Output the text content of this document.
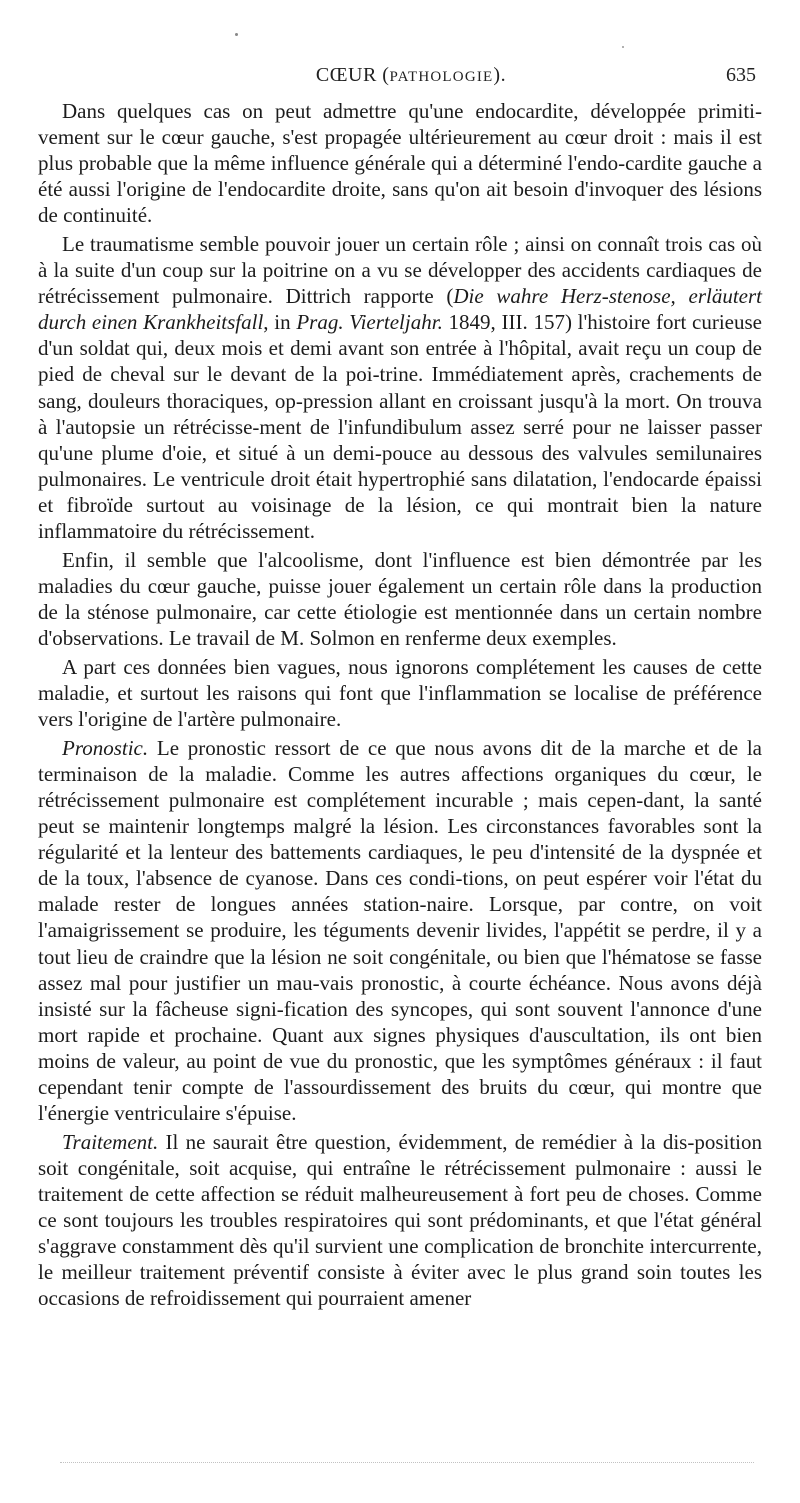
CŒUR (PATHOLOGIE).	635

Dans quelques cas on peut admettre qu'une endocardite, développée primiti-vement sur le cœur gauche, s'est propagée ultérieurement au cœur droit : mais il est plus probable que la même influence générale qui a déterminé l'endo-cardite gauche a été aussi l'origine de l'endocardite droite, sans qu'on ait besoin d'invoquer des lésions de continuité.

Le traumatisme semble pouvoir jouer un certain rôle ; ainsi on connaît trois cas où à la suite d'un coup sur la poitrine on a vu se développer des accidents cardiaques de rétrécissement pulmonaire. Dittrich rapporte (Die wahre Herz-stenose, erläutert durch einen Krankheitsfall, in Prag. Vierteljahr. 1849, III. 157) l'histoire fort curieuse d'un soldat qui, deux mois et demi avant son entrée à l'hôpital, avait reçu un coup de pied de cheval sur le devant de la poi-trine. Immédiatement après, crachements de sang, douleurs thoraciques, op-pression allant en croissant jusqu'à la mort. On trouva à l'autopsie un rétrécisse-ment de l'infundibulum assez serré pour ne laisser passer qu'une plume d'oie, et situé à un demi-pouce au dessous des valvules semilunaires pulmonaires. Le ventricule droit était hypertrophié sans dilatation, l'endocarde épaissi et fibroïde surtout au voisinage de la lésion, ce qui montrait bien la nature inflammatoire du rétrécissement.

Enfin, il semble que l'alcoolisme, dont l'influence est bien démontrée par les maladies du cœur gauche, puisse jouer également un certain rôle dans la production de la sténose pulmonaire, car cette étiologie est mentionnée dans un certain nombre d'observations. Le travail de M. Solmon en renferme deux exemples.

A part ces données bien vagues, nous ignorons complétement les causes de cette maladie, et surtout les raisons qui font que l'inflammation se localise de préférence vers l'origine de l'artère pulmonaire.

Pronostic. Le pronostic ressort de ce que nous avons dit de la marche et de la terminaison de la maladie. Comme les autres affections organiques du cœur, le rétrécissement pulmonaire est complétement incurable ; mais cepen-dant, la santé peut se maintenir longtemps malgré la lésion. Les circonstances favorables sont la régularité et la lenteur des battements cardiaques, le peu d'intensité de la dyspnée et de la toux, l'absence de cyanose. Dans ces condi-tions, on peut espérer voir l'état du malade rester de longues années station-naire. Lorsque, par contre, on voit l'amaigrissement se produire, les téguments devenir livides, l'appétit se perdre, il y a tout lieu de craindre que la lésion ne soit congénitale, ou bien que l'hématose se fasse assez mal pour justifier un mau-vais pronostic, à courte échéance. Nous avons déjà insisté sur la fâcheuse signi-fication des syncopes, qui sont souvent l'annonce d'une mort rapide et prochaine. Quant aux signes physiques d'auscultation, ils ont bien moins de valeur, au point de vue du pronostic, que les symptômes généraux : il faut cependant tenir compte de l'assourdissement des bruits du cœur, qui montre que l'énergie ventriculaire s'épuise.

Traitement. Il ne saurait être question, évidemment, de remédier à la dis-position soit congénitale, soit acquise, qui entraîne le rétrécissement pulmonaire : aussi le traitement de cette affection se réduit malheureusement à fort peu de choses. Comme ce sont toujours les troubles respiratoires qui sont prédominants, et que l'état général s'aggrave constamment dès qu'il survient une complication de bronchite intercurrente, le meilleur traitement préventif consiste à éviter avec le plus grand soin toutes les occasions de refroidissement qui pourraient amener
